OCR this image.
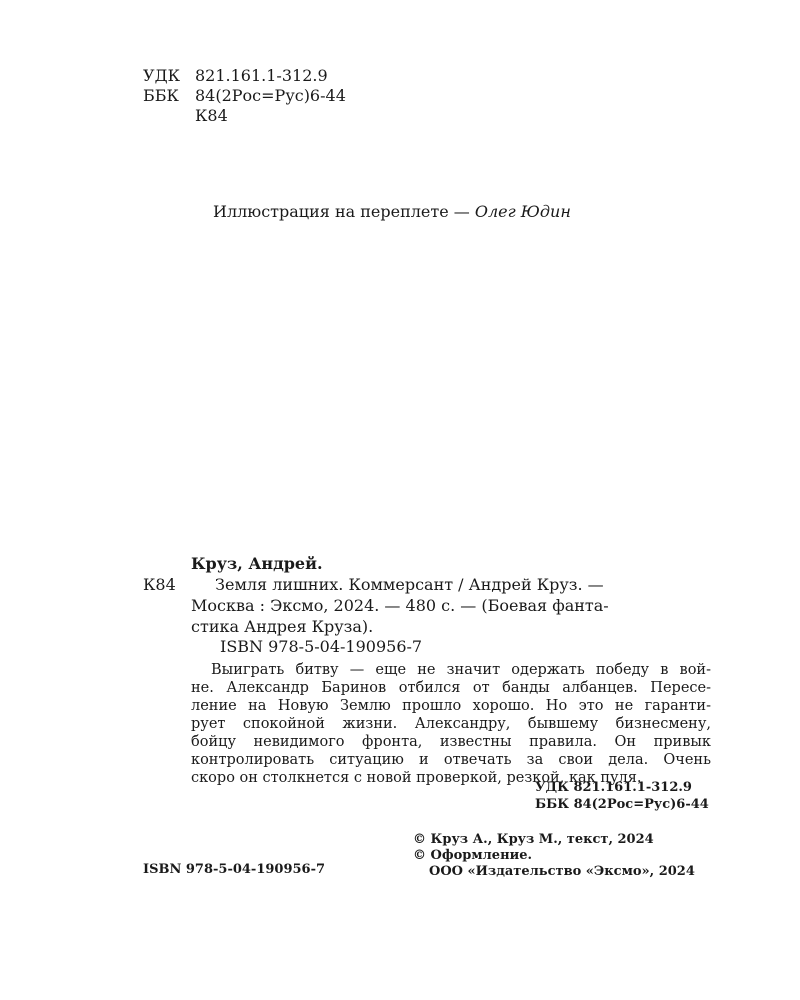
УДК 821.161.1-312.9
ББК 84(2Рос=Рус)6-44
К84
Иллюстрация на переплете — Олег Юдин
Круз, Андрей.
К84	Земля лишних. Коммерсант / Андрей Круз. —
Москва : Эксмо, 2024. — 480 с. — (Боевая фанта-
стика Андрея Круза).
ISBN 978-5-04-190956-7
Выиграть битву — еще не значит одержать победу в вой-
не. Александр Баринов отбился от банды албанцев. Пересе-
ление на Новую Землю прошло хорошо. Но это не гаранти-
рует спокойной жизни. Александру, бывшему бизнесмену,
бойцу невидимого фронта, известны правила. Он привык
контролировать ситуацию и отвечать за свои дела. Очень
скоро он столкнется с новой проверкой, резкой, как пуля.
УДК 821.161.1-312.9
ББК 84(2Рос=Рус)6-44
© Круз А., Круз М., текст, 2024
© Оформление.
ООО «Издательство «Эксмо», 2024
ISBN 978-5-04-190956-7
